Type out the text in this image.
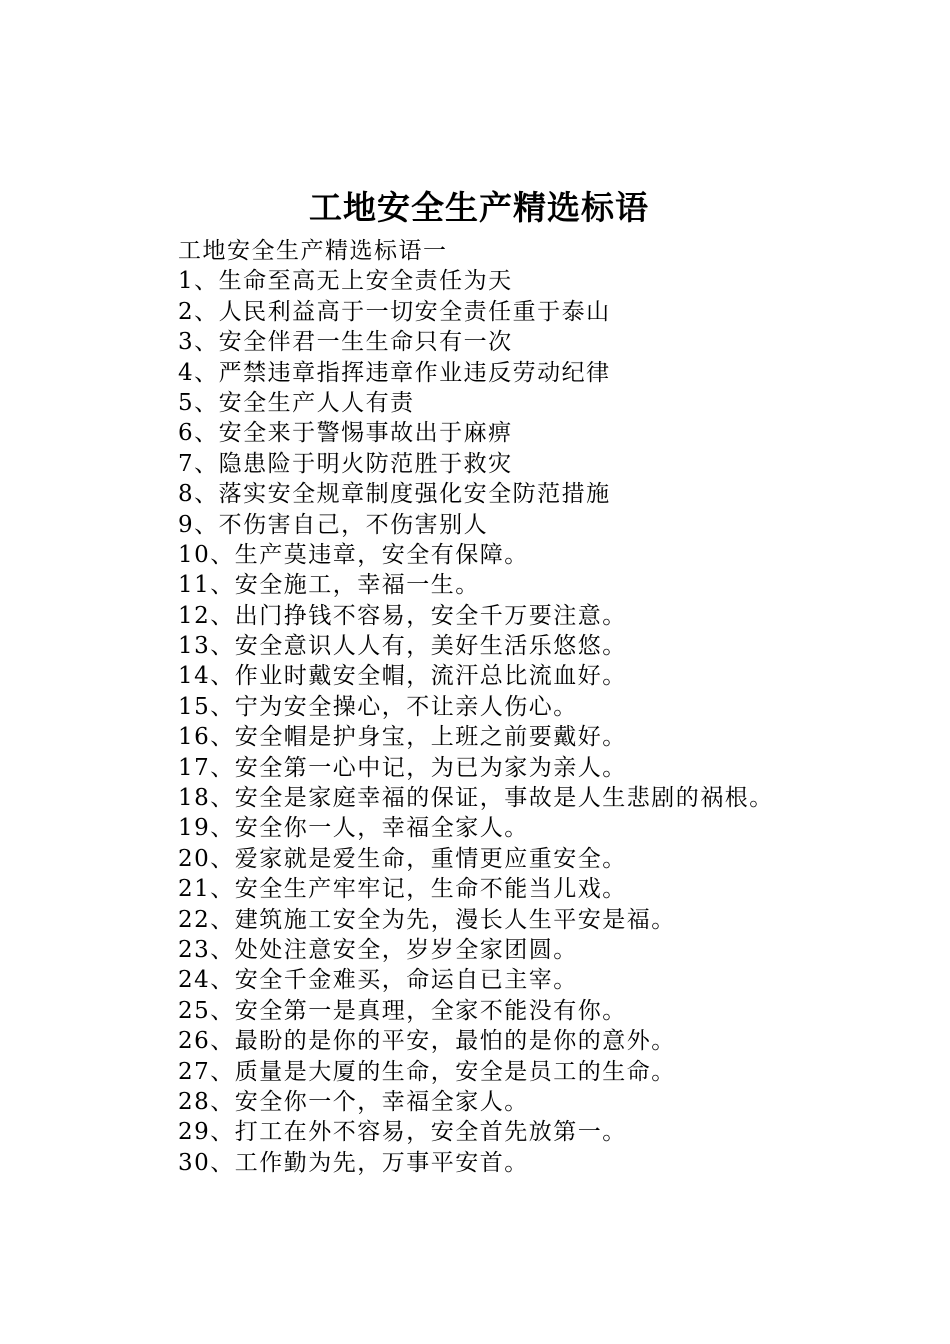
工地安全生产精选标语
工地安全生产精选标语一
1、生命至高无上安全责任为天
2、人民利益高于一切安全责任重于泰山
3、安全伴君一生生命只有一次
4、严禁违章指挥违章作业违反劳动纪律
5、安全生产人人有责
6、安全来于警惕事故出于麻痹
7、隐患险于明火防范胜于救灾
8、落实安全规章制度强化安全防范措施
9、不伤害自己，不伤害别人
10、生产莫违章，安全有保障。
11、安全施工，幸福一生。
12、出门挣钱不容易，安全千万要注意。
13、安全意识人人有，美好生活乐悠悠。
14、作业时戴安全帽，流汗总比流血好。
15、宁为安全操心，不让亲人伤心。
16、安全帽是护身宝，上班之前要戴好。
17、安全第一心中记，为已为家为亲人。
18、安全是家庭幸福的保证，事故是人生悲剧的祸根。
19、安全你一人，幸福全家人。
20、爱家就是爱生命，重情更应重安全。
21、安全生产牢牢记，生命不能当儿戏。
22、建筑施工安全为先，漫长人生平安是福。
23、处处注意安全，岁岁全家团圆。
24、安全千金难买，命运自已主宰。
25、安全第一是真理，全家不能没有你。
26、最盼的是你的平安，最怕的是你的意外。
27、质量是大厦的生命，安全是员工的生命。
28、安全你一个，幸福全家人。
29、打工在外不容易，安全首先放第一。
30、工作勤为先，万事平安首。
